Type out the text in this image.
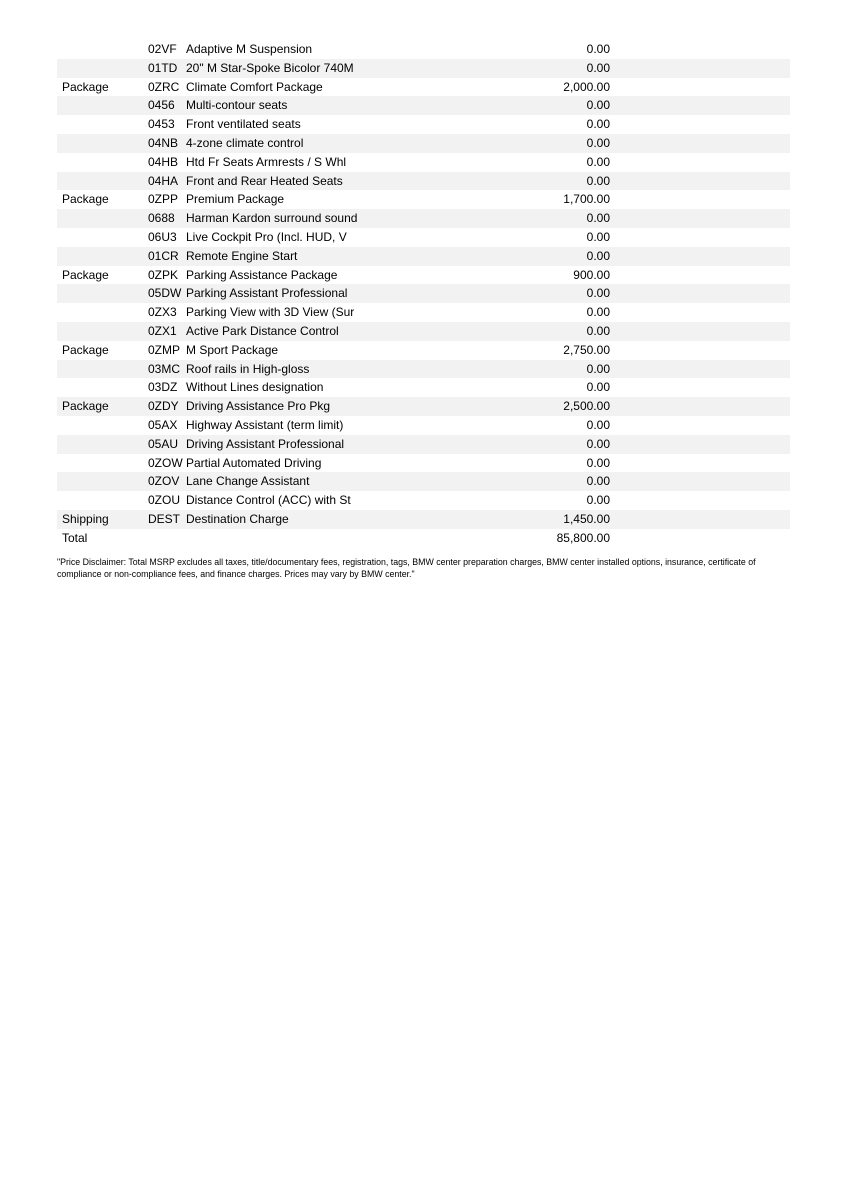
02VF Adaptive M Suspension	0.00
01TD 20" M Star-Spoke Bicolor 740M	0.00
Package	0ZRC Climate Comfort Package	2,000.00
0456 Multi-contour seats	0.00
0453 Front ventilated seats	0.00
04NB 4-zone climate control	0.00
04HB Htd Fr Seats Armrests / S Whl	0.00
04HA Front and Rear Heated Seats	0.00
Package	0ZPP Premium Package	1,700.00
0688 Harman Kardon surround sound	0.00
06U3 Live Cockpit Pro (Incl. HUD, V	0.00
01CR Remote Engine Start	0.00
Package	0ZPK Parking Assistance Package	900.00
05DW Parking Assistant Professional	0.00
0ZX3 Parking View with 3D View (Sur	0.00
0ZX1 Active Park Distance Control	0.00
Package	0ZMP M Sport Package	2,750.00
03MC Roof rails in High-gloss	0.00
03DZ Without Lines designation	0.00
Package	0ZDY Driving Assistance Pro Pkg	2,500.00
05AX Highway Assistant (term limit)	0.00
05AU Driving Assistant Professional	0.00
0ZOW Partial Automated Driving	0.00
0ZOV Lane Change Assistant	0.00
0ZOU Distance Control (ACC) with St	0.00
Shipping	DEST Destination Charge	1,450.00
Total	85,800.00

"Price Disclaimer: Total MSRP excludes all taxes, title/documentary fees, registration, tags, BMW center preparation charges, BMW center installed options, insurance, certificate of compliance or non-compliance fees, and finance charges. Prices may vary by BMW center."
